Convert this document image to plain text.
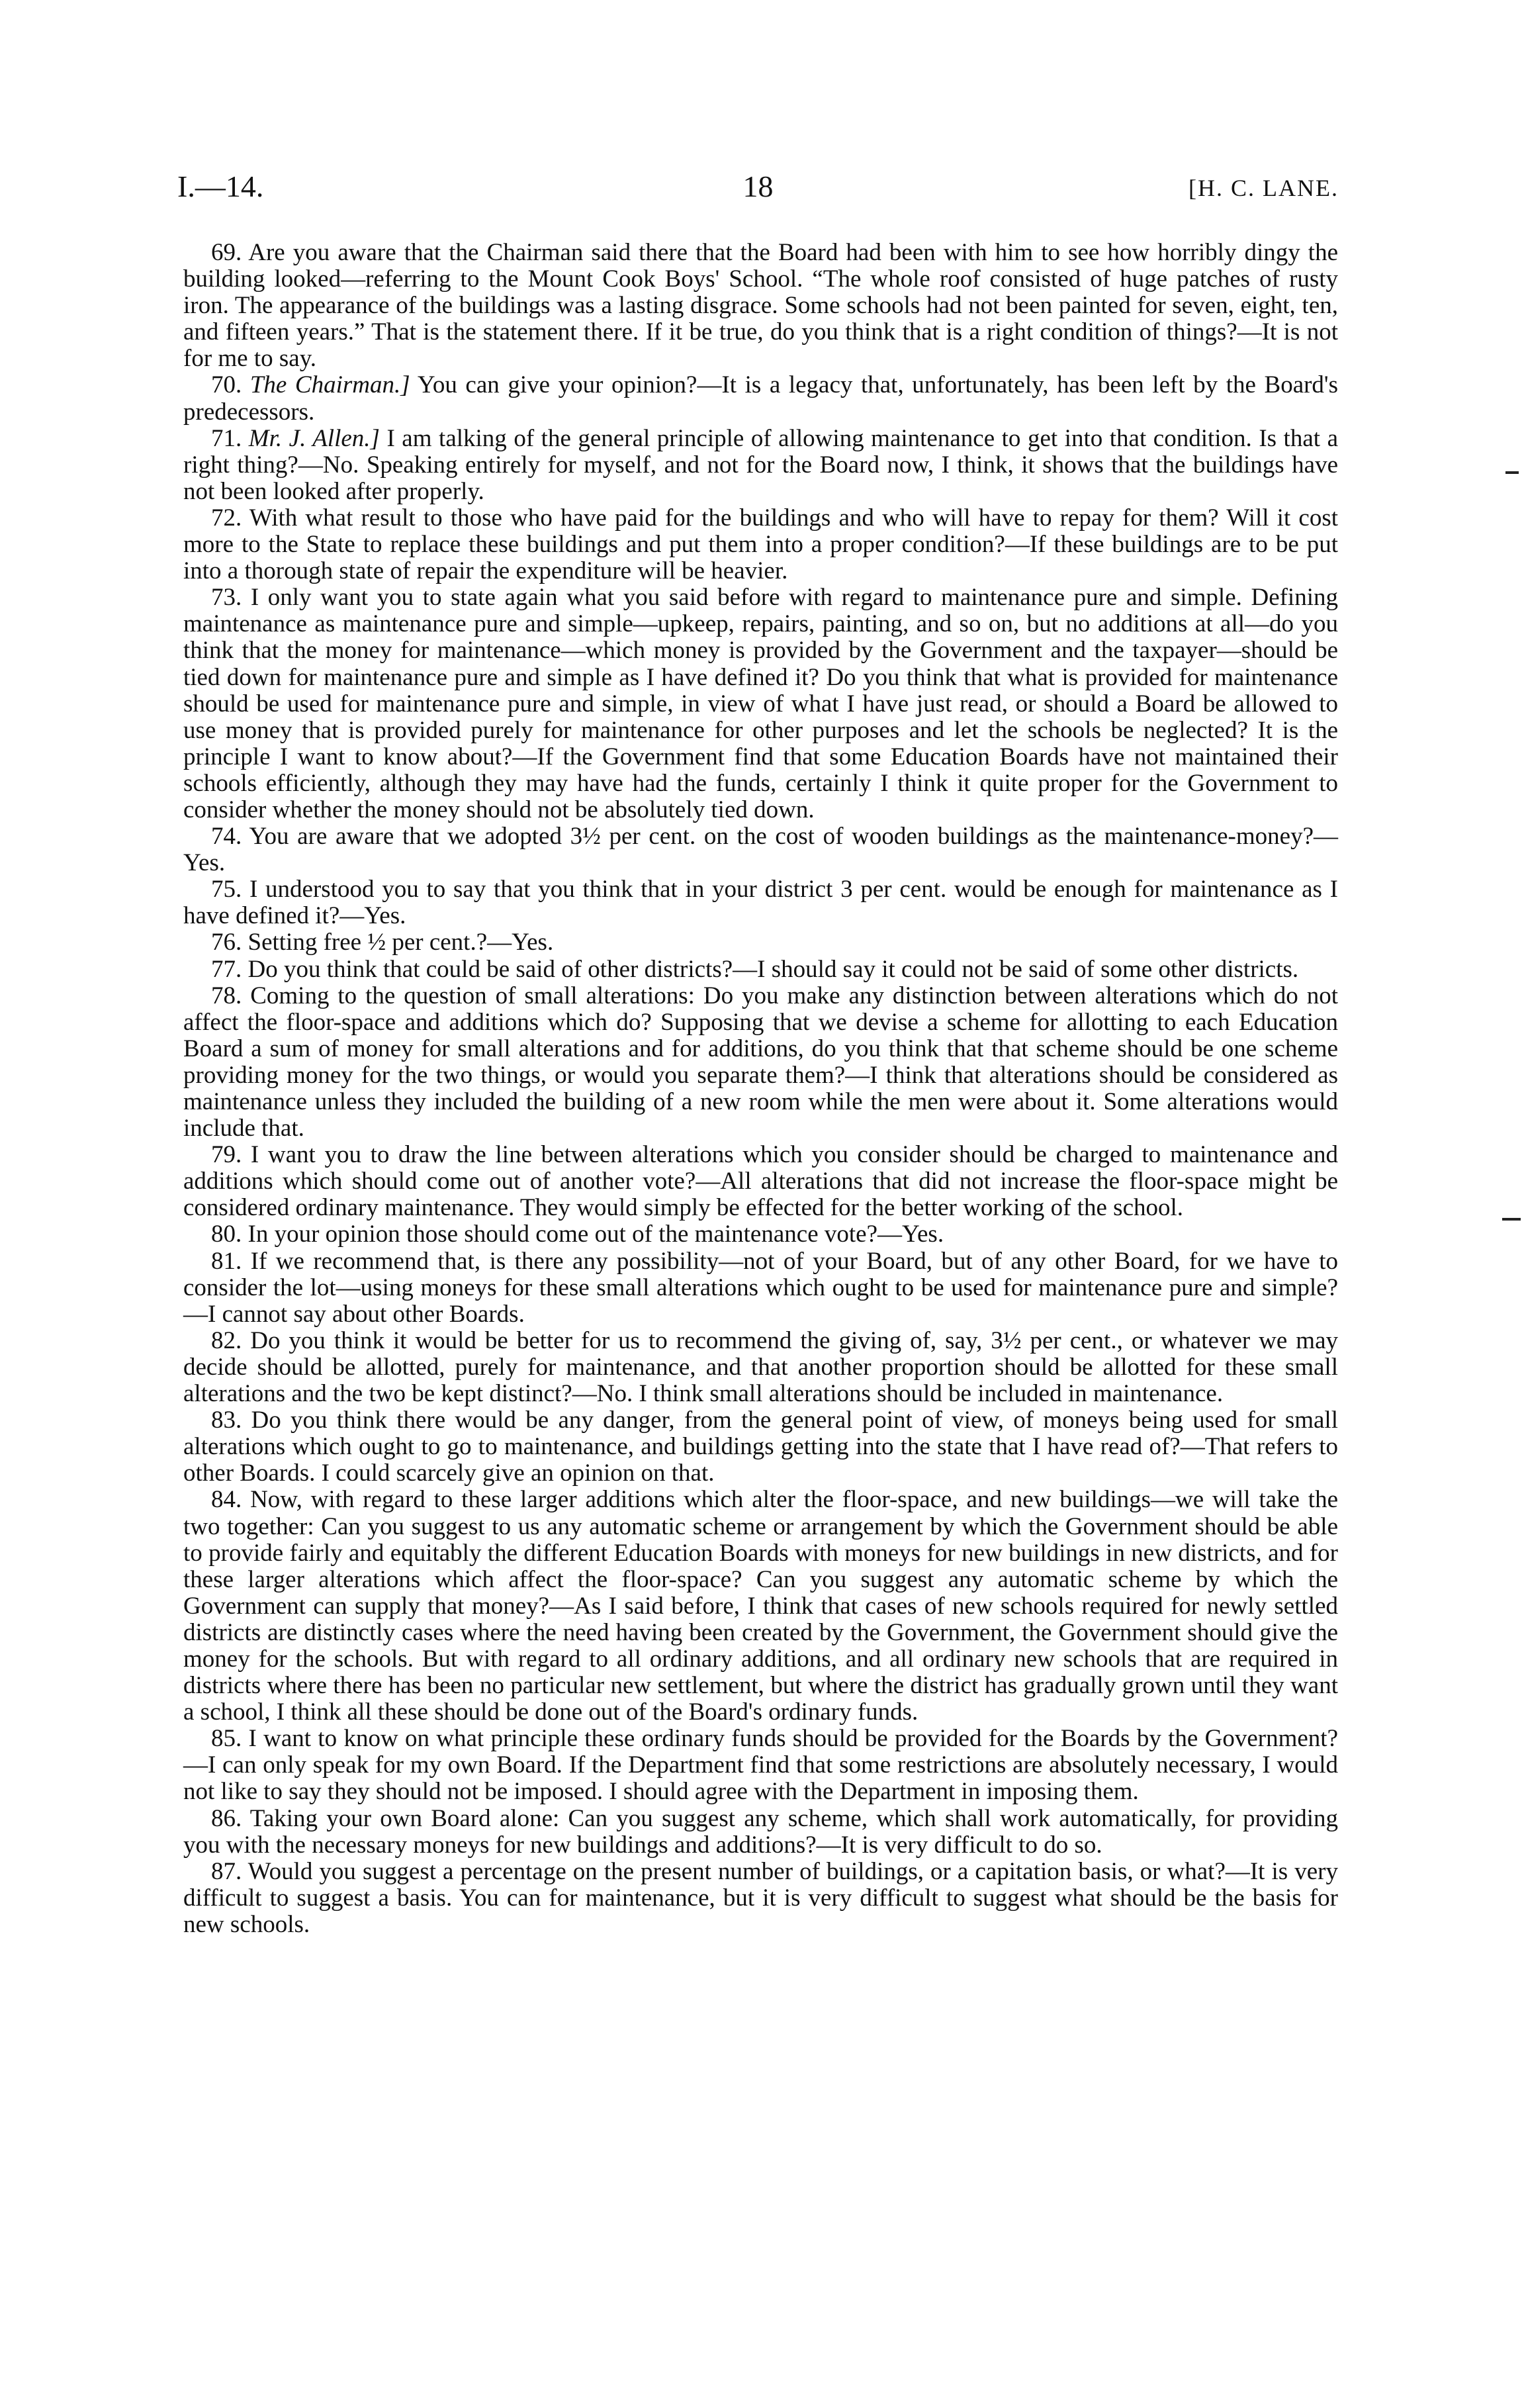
I.—14.	18	[H. C. LANE.

69. Are you aware that the Chairman said there that the Board had been with him to see how horribly dingy the building looked—referring to the Mount Cook Boys' School. “The whole roof consisted of huge patches of rusty iron. The appearance of the buildings was a lasting disgrace. Some schools had not been painted for seven, eight, ten, and fifteen years.” That is the statement there. If it be true, do you think that is a right condition of things?—It is not for me to say.

70. The Chairman.] You can give your opinion?—It is a legacy that, unfortunately, has been left by the Board's predecessors.

71. Mr. J. Allen.] I am talking of the general principle of allowing maintenance to get into that condition. Is that a right thing?—No. Speaking entirely for myself, and not for the Board now, I think, it shows that the buildings have not been looked after properly.

72. With what result to those who have paid for the buildings and who will have to repay for them? Will it cost more to the State to replace these buildings and put them into a proper condition?—If these buildings are to be put into a thorough state of repair the expenditure will be heavier.

73. I only want you to state again what you said before with regard to maintenance pure and simple. Defining maintenance as maintenance pure and simple—upkeep, repairs, painting, and so on, but no additions at all—do you think that the money for maintenance—which money is provided by the Government and the taxpayer—should be tied down for maintenance pure and simple as I have defined it? Do you think that what is provided for maintenance should be used for maintenance pure and simple, in view of what I have just read, or should a Board be allowed to use money that is provided purely for maintenance for other purposes and let the schools be neglected? It is the principle I want to know about?—If the Government find that some Education Boards have not maintained their schools efficiently, although they may have had the funds, certainly I think it quite proper for the Government to consider whether the money should not be absolutely tied down.

74. You are aware that we adopted 3½ per cent. on the cost of wooden buildings as the maintenance-money?—Yes.

75. I understood you to say that you think that in your district 3 per cent. would be enough for maintenance as I have defined it?—Yes.

76. Setting free ½ per cent.?—Yes.

77. Do you think that could be said of other districts?—I should say it could not be said of some other districts.

78. Coming to the question of small alterations: Do you make any distinction between alterations which do not affect the floor-space and additions which do? Supposing that we devise a scheme for allotting to each Education Board a sum of money for small alterations and for additions, do you think that that scheme should be one scheme providing money for the two things, or would you separate them?—I think that alterations should be considered as maintenance unless they included the building of a new room while the men were about it. Some alterations would include that.

79. I want you to draw the line between alterations which you consider should be charged to maintenance and additions which should come out of another vote?—All alterations that did not increase the floor-space might be considered ordinary maintenance. They would simply be effected for the better working of the school.

80. In your opinion those should come out of the maintenance vote?—Yes.

81. If we recommend that, is there any possibility—not of your Board, but of any other Board, for we have to consider the lot—using moneys for these small alterations which ought to be used for maintenance pure and simple?—I cannot say about other Boards.

82. Do you think it would be better for us to recommend the giving of, say, 3½ per cent., or whatever we may decide should be allotted, purely for maintenance, and that another proportion should be allotted for these small alterations and the two be kept distinct?—No. I think small alterations should be included in maintenance.

83. Do you think there would be any danger, from the general point of view, of moneys being used for small alterations which ought to go to maintenance, and buildings getting into the state that I have read of?—That refers to other Boards. I could scarcely give an opinion on that.

84. Now, with regard to these larger additions which alter the floor-space, and new buildings—we will take the two together: Can you suggest to us any automatic scheme or arrangement by which the Government should be able to provide fairly and equitably the different Education Boards with moneys for new buildings in new districts, and for these larger alterations which affect the floor-space? Can you suggest any automatic scheme by which the Government can supply that money?—As I said before, I think that cases of new schools required for newly settled districts are distinctly cases where the need having been created by the Government, the Government should give the money for the schools. But with regard to all ordinary additions, and all ordinary new schools that are required in districts where there has been no particular new settlement, but where the district has gradually grown until they want a school, I think all these should be done out of the Board's ordinary funds.

85. I want to know on what principle these ordinary funds should be provided for the Boards by the Government?—I can only speak for my own Board. If the Department find that some restrictions are absolutely necessary, I would not like to say they should not be imposed. I should agree with the Department in imposing them.

86. Taking your own Board alone: Can you suggest any scheme, which shall work automatically, for providing you with the necessary moneys for new buildings and additions?—It is very difficult to do so.

87. Would you suggest a percentage on the present number of buildings, or a capitation basis, or what?—It is very difficult to suggest a basis. You can for maintenance, but it is very difficult to suggest what should be the basis for new schools.
